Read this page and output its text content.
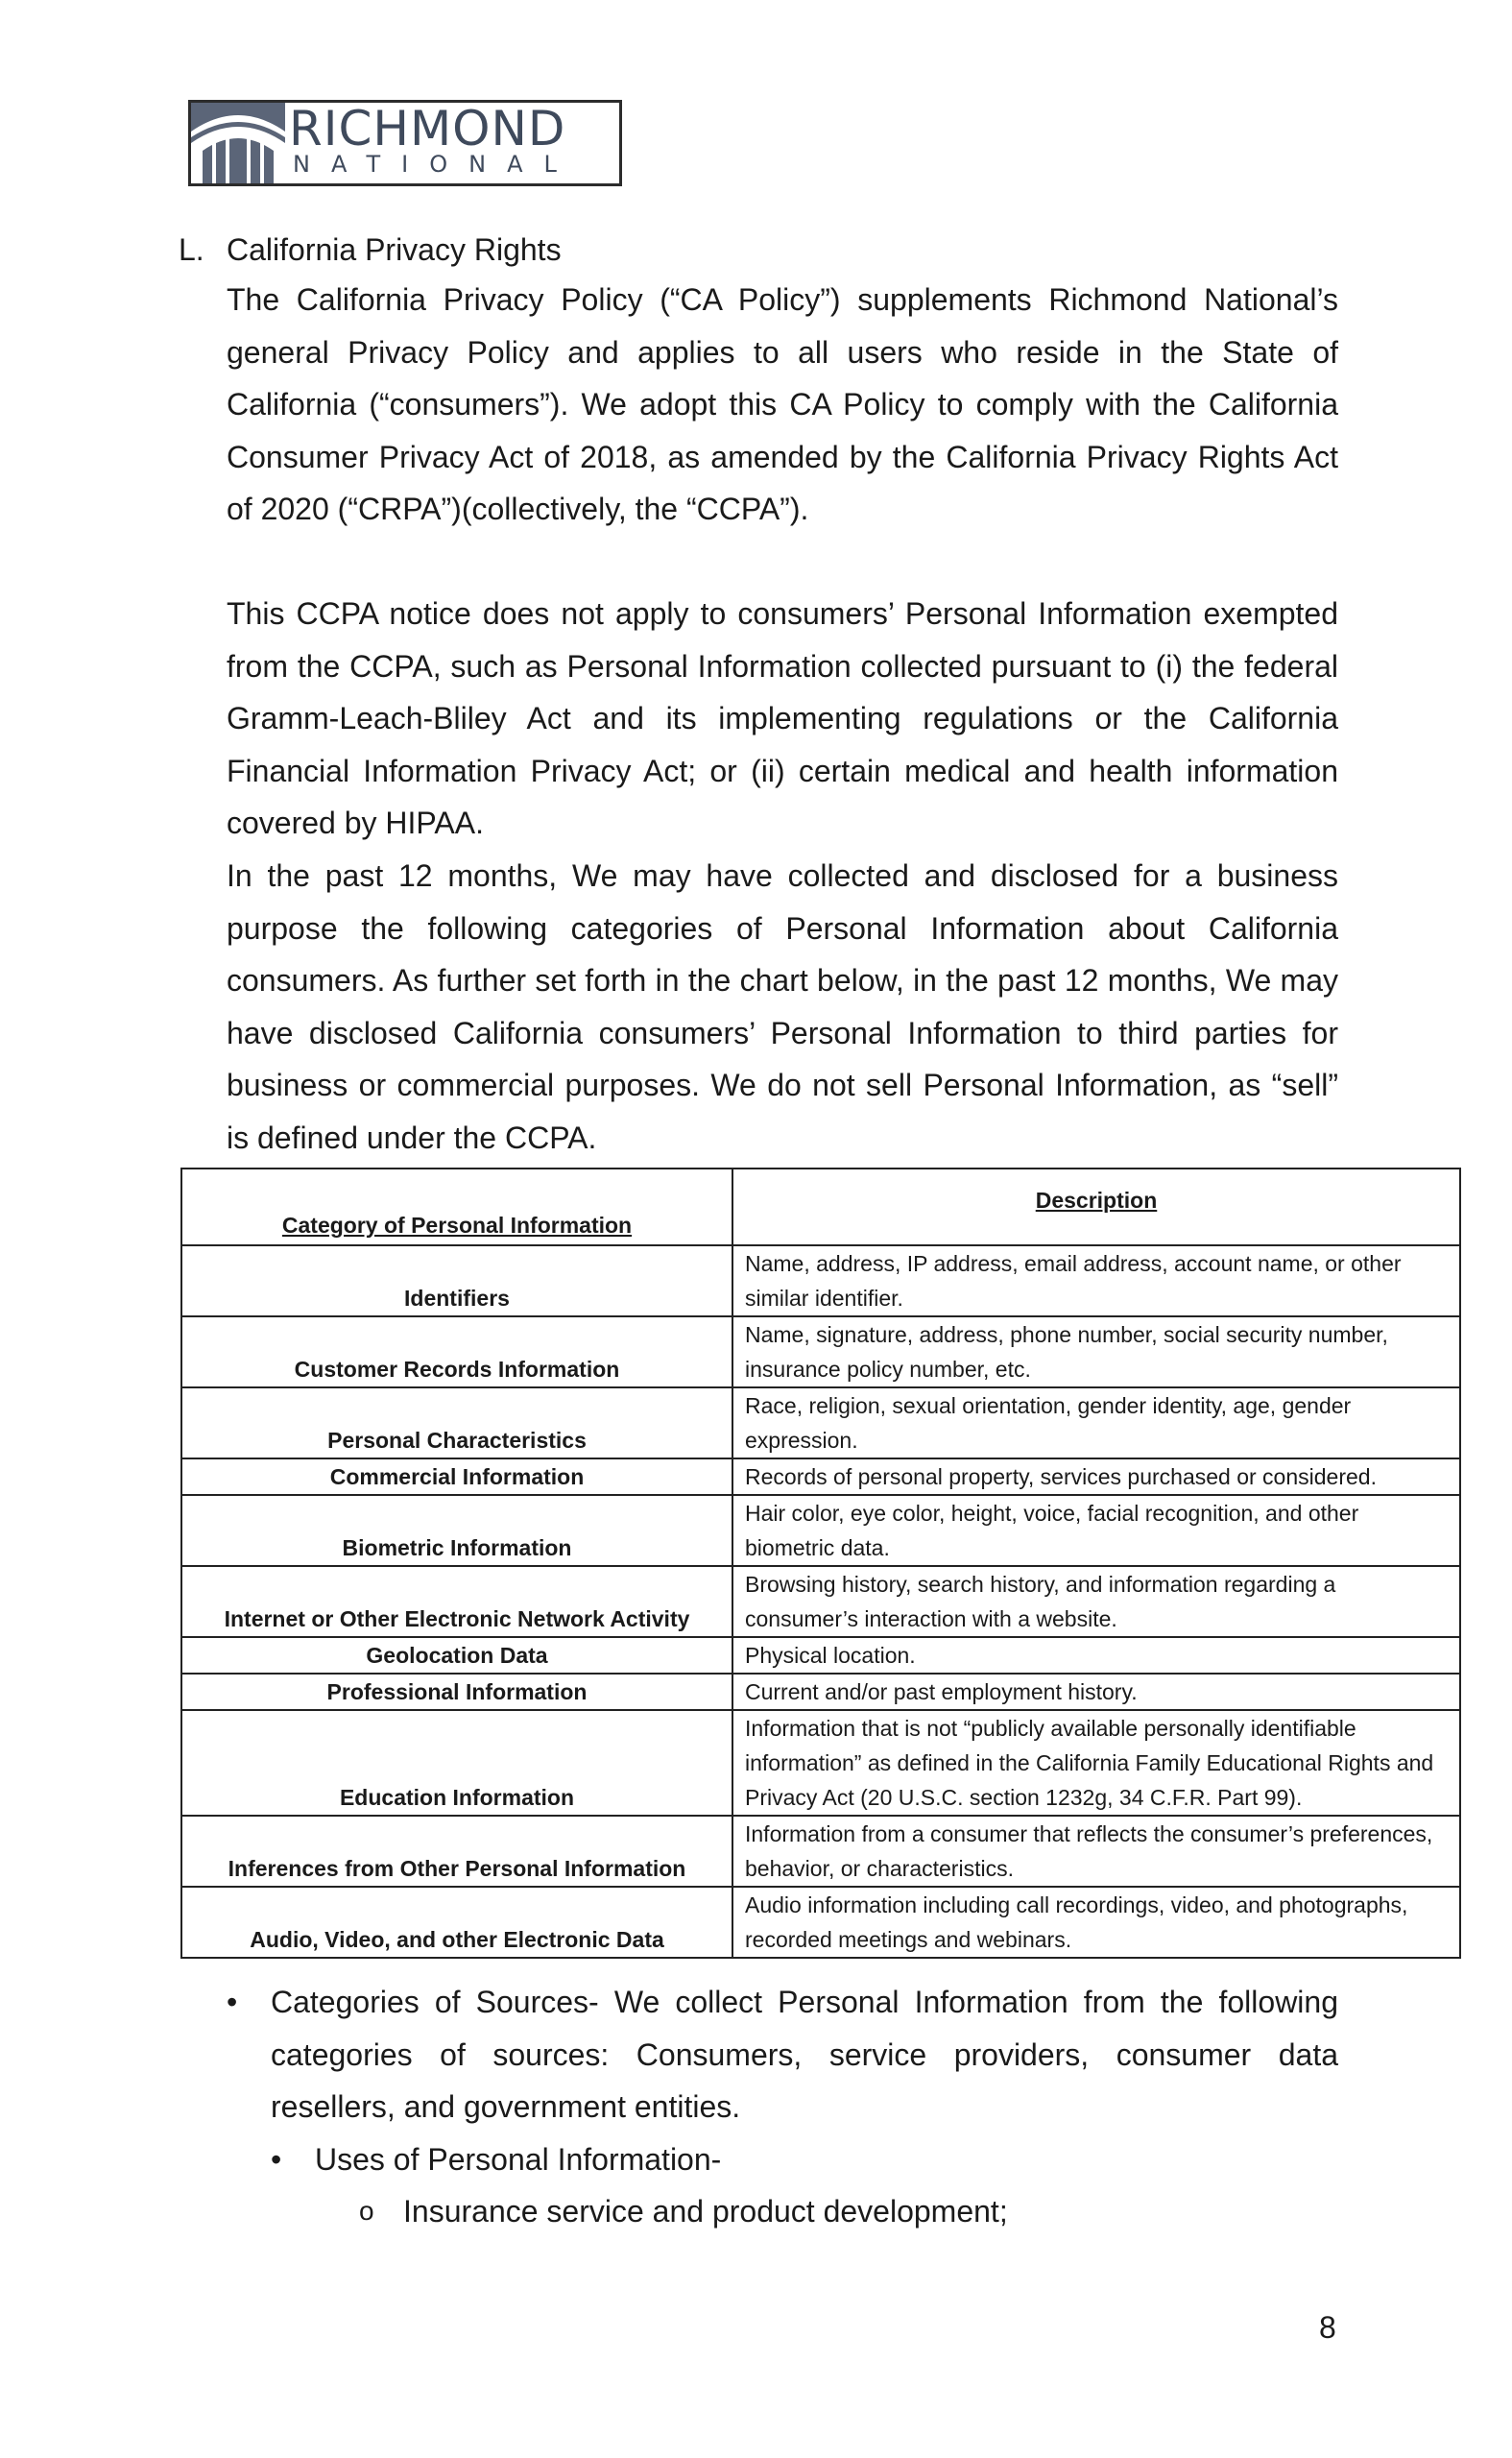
RICHMOND
NATIONAL
L. California Privacy Rights

The California Privacy Policy (“CA Policy”) supplements Richmond National’s general Privacy Policy and applies to all users who reside in the State of California (“consumers”). We adopt this CA Policy to comply with the California Consumer Privacy Act of 2018, as amended by the California Privacy Rights Act of 2020 (“CRPA”)(collectively, the “CCPA”).

This CCPA notice does not apply to consumers’ Personal Information exempted from the CCPA, such as Personal Information collected pursuant to (i) the federal Gramm-Leach-Bliley Act and its implementing regulations or the California Financial Information Privacy Act; or (ii) certain medical and health information covered by HIPAA.

In the past 12 months, We may have collected and disclosed for a business purpose the following categories of Personal Information about California consumers. As further set forth in the chart below, in the past 12 months, We may have disclosed California consumers’ Personal Information to third parties for business or commercial purposes. We do not sell Personal Information, as “sell” is defined under the CCPA.

Category of Personal Information	Description
Identifiers	Name, address, IP address, email address, account name, or other similar identifier.
Customer Records Information	Name, signature, address, phone number, social security number, insurance policy number, etc.
Personal Characteristics	Race, religion, sexual orientation, gender identity, age, gender expression.
Commercial Information	Records of personal property, services purchased or considered.
Biometric Information	Hair color, eye color, height, voice, facial recognition, and other biometric data.
Internet or Other Electronic Network Activity	Browsing history, search history, and information regarding a consumer’s interaction with a website.
Geolocation Data	Physical location.
Professional Information	Current and/or past employment history.
Education Information	Information that is not “publicly available personally identifiable information” as defined in the California Family Educational Rights and Privacy Act (20 U.S.C. section 1232g, 34 C.F.R. Part 99).
Inferences from Other Personal Information	Information from a consumer that reflects the consumer’s preferences, behavior, or characteristics.
Audio, Video, and other Electronic Data	Audio information including call recordings, video, and photographs, recorded meetings and webinars.
• Categories of Sources- We collect Personal Information from the following categories of sources: Consumers, service providers, consumer data resellers, and government entities.
• Uses of Personal Information-
o Insurance service and product development;
8
